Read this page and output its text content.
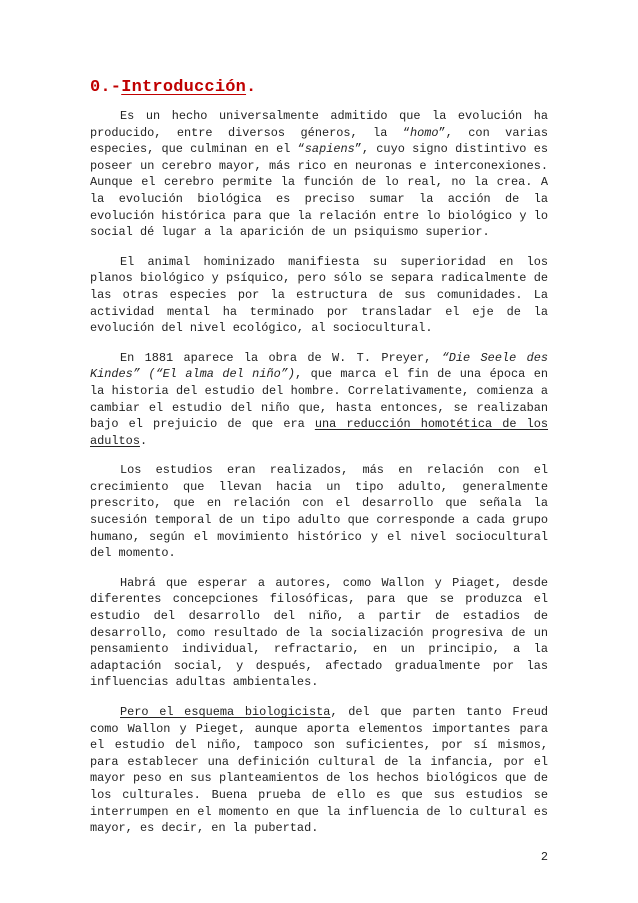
0.-Introducción.

Es un hecho universalmente admitido que la evolución ha producido, entre diversos géneros, la “homo”, con varias especies, que culminan en el “sapiens”, cuyo signo distintivo es poseer un cerebro mayor, más rico en neuronas e interconexiones. Aunque el cerebro permite la función de lo real, no la crea. A la evolución biológica es preciso sumar la acción de la evolución histórica para que la relación entre lo biológico y lo social dé lugar a la aparición de un psiquismo superior.

El animal hominizado manifiesta su superioridad en los planos biológico y psíquico, pero sólo se separa radicalmente de las otras especies por la estructura de sus comunidades. La actividad mental ha terminado por transladar el eje de la evolución del nivel ecológico, al sociocultural.

En 1881 aparece la obra de W. T. Preyer, “Die Seele des Kindes” (“El alma del niño”), que marca el fin de una época en la historia del estudio del hombre. Correlativamente, comienza a cambiar el estudio del niño que, hasta entonces, se realizaban bajo el prejuicio de que era una reducción homotética de los adultos.

Los estudios eran realizados, más en relación con el crecimiento que llevan hacia un tipo adulto, generalmente prescrito, que en relación con el desarrollo que señala la sucesión temporal de un tipo adulto que corresponde a cada grupo humano, según el movimiento histórico y el nivel sociocultural del momento.

Habrá que esperar a autores, como Wallon y Piaget, desde diferentes concepciones filosóficas, para que se produzca el estudio del desarrollo del niño, a partir de estadios de desarrollo, como resultado de la socialización progresiva de un pensamiento individual, refractario, en un principio, a la adaptación social, y después, afectado gradualmente por las influencias adultas ambientales.

Pero el esquema biologicista, del que parten tanto Freud como Wallon y Pieget, aunque aporta elementos importantes para el estudio del niño, tampoco son suficientes, por sí mismos, para establecer una definición cultural de la infancia, por el mayor peso en sus planteamientos de los hechos biológicos que de los culturales. Buena prueba de ello es que sus estudios se interrumpen en el momento en que la influencia de lo cultural es mayor, es decir, en la pubertad.

2
